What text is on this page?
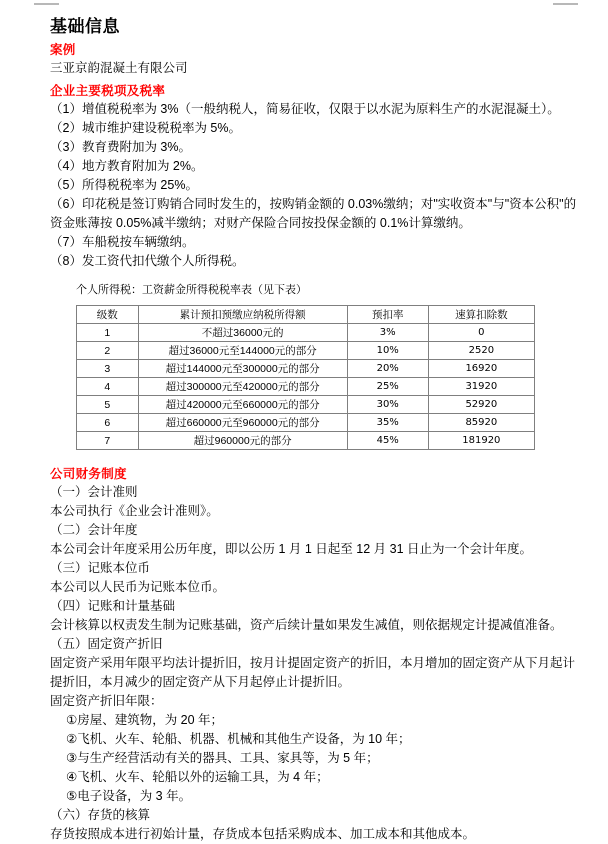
基础信息
案例
三亚京韵混凝土有限公司
企业主要税项及税率
（1）增值税税率为 3%（一般纳税人，简易征收，仅限于以水泥为原料生产的水泥混凝土）。
（2）城市维护建设税税率为 5%。
（3）教育费附加为 3%。
（4）地方教育附加为 2%。
（5）所得税税率为 25%。
（6）印花税是签订购销合同时发生的，按购销金额的 0.03%缴纳；对"实收资本"与"资本公积"的资金账薄按 0.05%减半缴纳；对财产保险合同按投保金额的 0.1%计算缴纳。
（7）车船税按车辆缴纳。
（8）发工资代扣代缴个人所得税。
个人所得税：工资薪金所得税税率表（见下表）
级数	累计预扣预缴应纳税所得额	预扣率	速算扣除数
1	不超过36000元的	3%	0
2	超过36000元至144000元的部分	10%	2520
3	超过144000元至300000元的部分	20%	16920
4	超过300000元至420000元的部分	25%	31920
5	超过420000元至660000元的部分	30%	52920
6	超过660000元至960000元的部分	35%	85920
7	超过960000元的部分	45%	181920
公司财务制度
（一）会计准则
本公司执行《企业会计准则》。
（二）会计年度
本公司会计年度采用公历年度，即以公历 1 月 1 日起至 12 月 31 日止为一个会计年度。
（三）记账本位币
本公司以人民币为记账本位币。
（四）记账和计量基础
会计核算以权责发生制为记账基础，资产后续计量如果发生减值，则依据规定计提减值准备。
（五）固定资产折旧
固定资产采用年限平均法计提折旧，按月计提固定资产的折旧，本月增加的固定资产从下月起计提折旧，本月减少的固定资产从下月起停止计提折旧。
固定资产折旧年限：
①房屋、建筑物，为 20 年；
②飞机、火车、轮船、机器、机械和其他生产设备，为 10 年；
③与生产经营活动有关的器具、工具、家具等，为 5 年；
④飞机、火车、轮船以外的运输工具，为 4 年；
⑤电子设备，为 3 年。
（六）存货的核算
存货按照成本进行初始计量，存货成本包括采购成本、加工成本和其他成本。
